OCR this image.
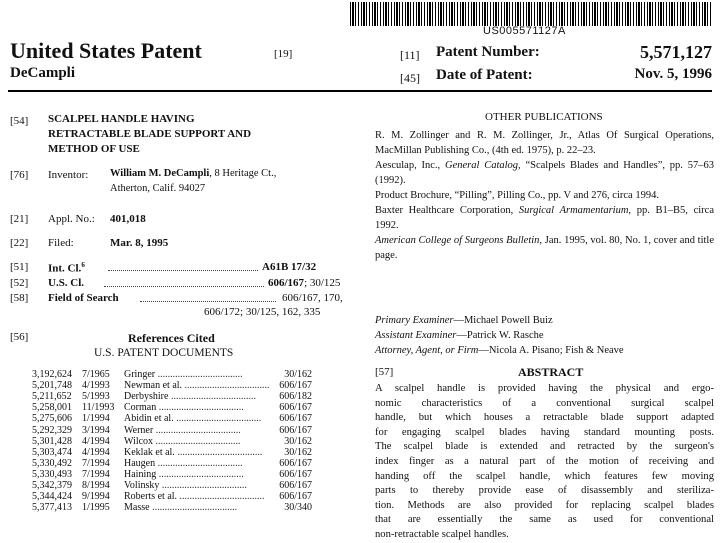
US005571127A
United States Patent	[19]
DeCampli
[11] Patent Number:	5,571,127
[45] Date of Patent:	Nov. 5, 1996
[54] SCALPEL HANDLE HAVING
RETRACTABLE BLADE SUPPORT AND
METHOD OF USE
[76] Inventor: William M. DeCampli, 8 Heritage Ct.,
Atherton, Calif. 94027
[21] Appl. No.: 401,018
[22] Filed:	Mar. 8, 1995
[51] Int. Cl.$^6$	A61B 17/32
[52] U.S. Cl.	606/167; 30/125
[58] Field of Search	606/167, 170,
606/172; 30/125, 162, 335
[56]	References Cited
U.S. PATENT DOCUMENTS
3,192,624	7/1965	Gringer ..................................	30/162
5,201,748	4/1993	Newman et al. ..................................	606/167
5,211,652	5/1993	Derbyshire ..................................	606/182
5,258,001	11/1993	Corman ..................................	606/167
5,275,606	1/1994	Abidin et al. ..................................	606/167
5,292,329	3/1994	Werner ..................................	606/167
5,301,428	4/1994	Wilcox ..................................	30/162
5,303,474	4/1994	Keklak et al. ..................................	30/162
5,330,492	7/1994	Haugen ..................................	606/167
5,330,493	7/1994	Haining ..................................	606/167
5,342,379	8/1994	Volinsky ..................................	606/167
5,344,424	9/1994	Roberts et al. ..................................	606/167
5,377,413	1/1995	Masse ..................................	30/340
OTHER PUBLICATIONS
R. M. Zollinger and R. M. Zollinger, Jr., Atlas Of Surgical Operations, MacMillan Publishing Co., (4th ed. 1975), p. 22–23.
Aesculap, Inc., General Catalog, “Scalpels Blades and Handles”, pp. 57–63 (1992).
Product Brochure, “Pilling”, Pilling Co., pp. V and 276, circa 1994.
Baxter Healthcare Corporation, Surgical Armamentarium, pp. B1–B5, circa 1992.
American College of Surgeons Bulletin, Jan. 1995, vol. 80, No. 1, cover and title page.
Primary Examiner—Michael Powell Buiz
Assistant Examiner—Patrick W. Rasche
Attorney, Agent, or Firm—Nicola A. Pisano; Fish & Neave
[57]	ABSTRACT
A scalpel handle is provided having the physical and ergo-
nomic characteristics of a conventional surgical scalpel
handle, but which houses a retractable blade support adapted
for engaging scalpel blades having standard mounting posts.
The scalpel blade is extended and retracted by the surgeon's
index finger as a natural part of the motion of receiving and
handing off the scalpel handle, which features few moving
parts to thereby provide ease of disassembly and steriliza-
tion. Methods are also provided for replacing scalpel blades
that are essentially the same as used for conventional
non-retractable scalpel handles.
